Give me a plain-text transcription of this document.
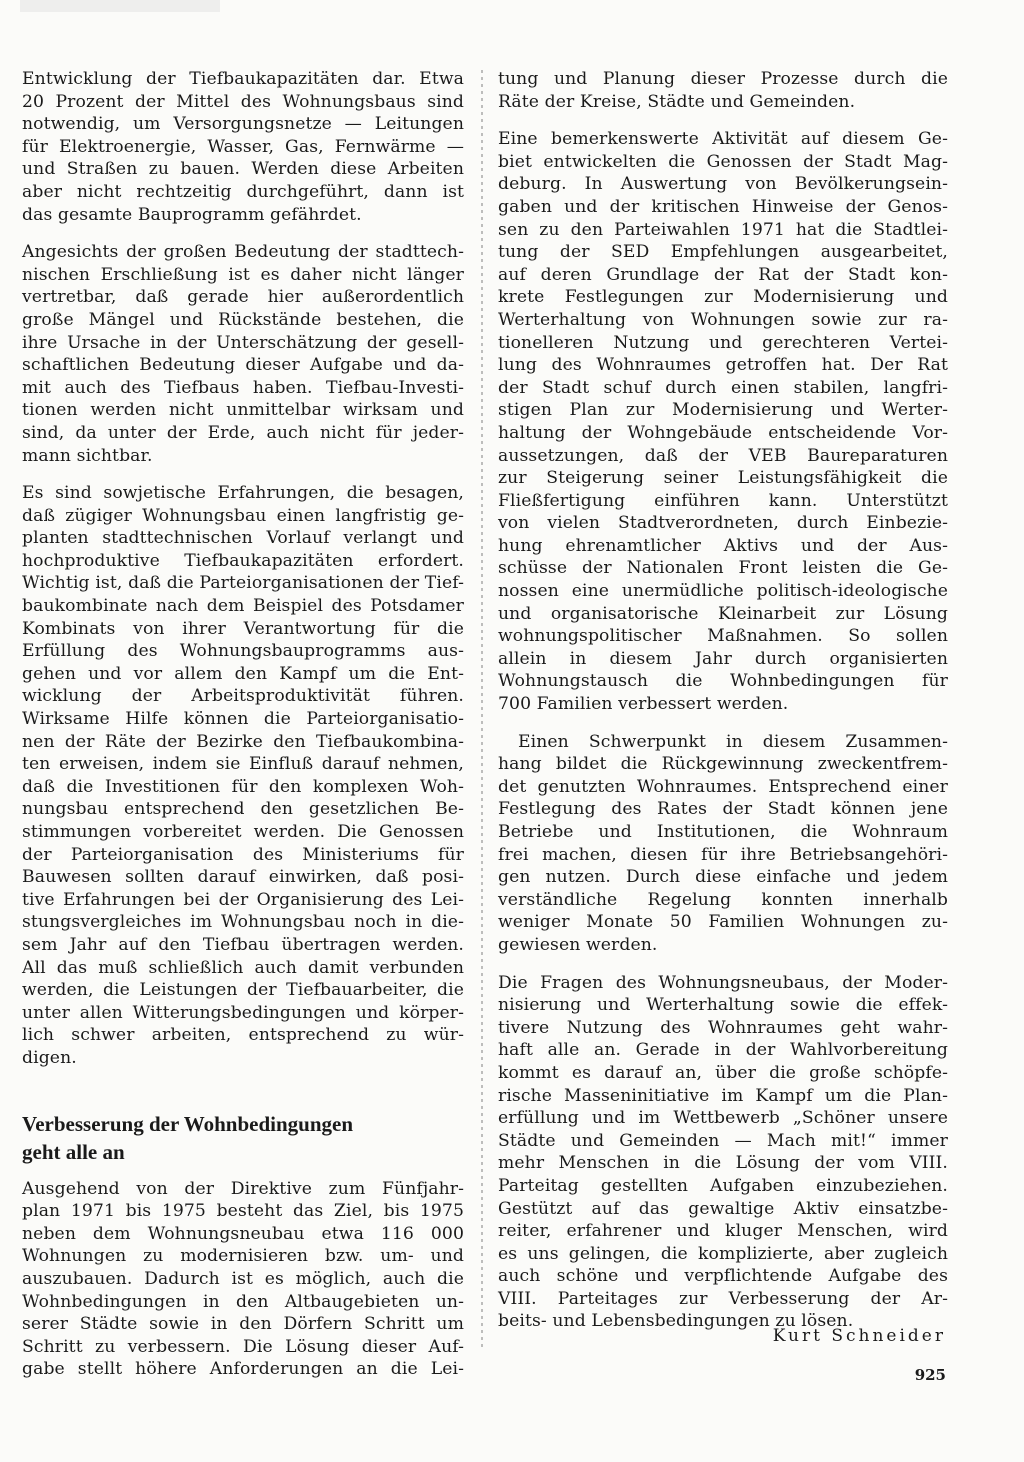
Entwicklung der Tiefbaukapazitäten dar. Etwa
20 Prozent der Mittel des Wohnungsbaus sind
notwendig, um Versorgungsnetze — Leitungen
für Elektroenergie, Wasser, Gas, Fernwärme —
und Straßen zu bauen. Werden diese Arbeiten
aber nicht rechtzeitig durchgeführt, dann ist
das gesamte Bauprogramm gefährdet.
Angesichts der großen Bedeutung der stadttech-
nischen Erschließung ist es daher nicht länger
vertretbar, daß gerade hier außerordentlich
große Mängel und Rückstände bestehen, die
ihre Ursache in der Unterschätzung der gesell-
schaftlichen Bedeutung dieser Aufgabe und da-
mit auch des Tiefbaus haben. Tiefbau-Investi-
tionen werden nicht unmittelbar wirksam und
sind, da unter der Erde, auch nicht für jeder-
mann sichtbar.
Es sind sowjetische Erfahrungen, die besagen,
daß zügiger Wohnungsbau einen langfristig ge-
planten stadttechnischen Vorlauf verlangt und
hochproduktive Tiefbaukapazitäten erfordert.
Wichtig ist, daß die Parteiorganisationen der Tief-
baukombinate nach dem Beispiel des Potsdamer
Kombinats von ihrer Verantwortung für die
Erfüllung des Wohnungsbauprogramms aus-
gehen und vor allem den Kampf um die Ent-
wicklung der Arbeitsproduktivität führen.
Wirksame Hilfe können die Parteiorganisatio-
nen der Räte der Bezirke den Tiefbaukombina-
ten erweisen, indem sie Einfluß darauf nehmen,
daß die Investitionen für den komplexen Woh-
nungsbau entsprechend den gesetzlichen Be-
stimmungen vorbereitet werden. Die Genossen
der Parteiorganisation des Ministeriums für
Bauwesen sollten darauf einwirken, daß posi-
tive Erfahrungen bei der Organisierung des Lei-
stungsvergleiches im Wohnungsbau noch in die-
sem Jahr auf den Tiefbau übertragen werden.
All das muß schließlich auch damit verbunden
werden, die Leistungen der Tiefbauarbeiter, die
unter allen Witterungsbedingungen und körper-
lich schwer arbeiten, entsprechend zu wür-
digen.
Verbesserung der Wohnbedingungen
geht alle an
Ausgehend von der Direktive zum Fünfjahr-
plan 1971 bis 1975 besteht das Ziel, bis 1975
neben dem Wohnungsneubau etwa 116 000
Wohnungen zu modernisieren bzw. um- und
auszubauen. Dadurch ist es möglich, auch die
Wohnbedingungen in den Altbaugebieten un-
serer Städte sowie in den Dörfern Schritt um
Schritt zu verbessern. Die Lösung dieser Auf-
gabe stellt höhere Anforderungen an die Lei-
tung und Planung dieser Prozesse durch die
Räte der Kreise, Städte und Gemeinden.
Eine bemerkenswerte Aktivität auf diesem Ge-
biet entwickelten die Genossen der Stadt Mag-
deburg. In Auswertung von Bevölkerungsein-
gaben und der kritischen Hinweise der Genos-
sen zu den Parteiwahlen 1971 hat die Stadtlei-
tung der SED Empfehlungen ausgearbeitet,
auf deren Grundlage der Rat der Stadt kon-
krete Festlegungen zur Modernisierung und
Werterhaltung von Wohnungen sowie zur ra-
tionelleren Nutzung und gerechteren Vertei-
lung des Wohnraumes getroffen hat. Der Rat
der Stadt schuf durch einen stabilen, langfri-
stigen Plan zur Modernisierung und Werter-
haltung der Wohngebäude entscheidende Vor-
aussetzungen, daß der VEB Baureparaturen
zur Steigerung seiner Leistungsfähigkeit die
Fließfertigung einführen kann. Unterstützt
von vielen Stadtverordneten, durch Einbezie-
hung ehrenamtlicher Aktivs und der Aus-
schüsse der Nationalen Front leisten die Ge-
nossen eine unermüdliche politisch-ideologische
und organisatorische Kleinarbeit zur Lösung
wohnungspolitischer Maßnahmen. So sollen
allein in diesem Jahr durch organisierten
Wohnungstausch die Wohnbedingungen für
700 Familien verbessert werden.
Einen Schwerpunkt in diesem Zusammen-
hang bildet die Rückgewinnung zweckentfrem-
det genutzten Wohnraumes. Entsprechend einer
Festlegung des Rates der Stadt können jene
Betriebe und Institutionen, die Wohnraum
frei machen, diesen für ihre Betriebsangehöri-
gen nutzen. Durch diese einfache und jedem
verständliche Regelung konnten innerhalb
weniger Monate 50 Familien Wohnungen zu-
gewiesen werden.
Die Fragen des Wohnungsneubaus, der Moder-
nisierung und Werterhaltung sowie die effek-
tivere Nutzung des Wohnraumes geht wahr-
haft alle an. Gerade in der Wahlvorbereitung
kommt es darauf an, über die große schöpfe-
rische Masseninitiative im Kampf um die Plan-
erfüllung und im Wettbewerb „Schöner unsere
Städte und Gemeinden — Mach mit!“ immer
mehr Menschen in die Lösung der vom VIII.
Parteitag gestellten Aufgaben einzubeziehen.
Gestützt auf das gewaltige Aktiv einsatzbe-
reiter, erfahrener und kluger Menschen, wird
es uns gelingen, die komplizierte, aber zugleich
auch schöne und verpflichtende Aufgabe des
VIII. Parteitages zur Verbesserung der Ar-
beits- und Lebensbedingungen zu lösen.
Kurt Schneider
925
